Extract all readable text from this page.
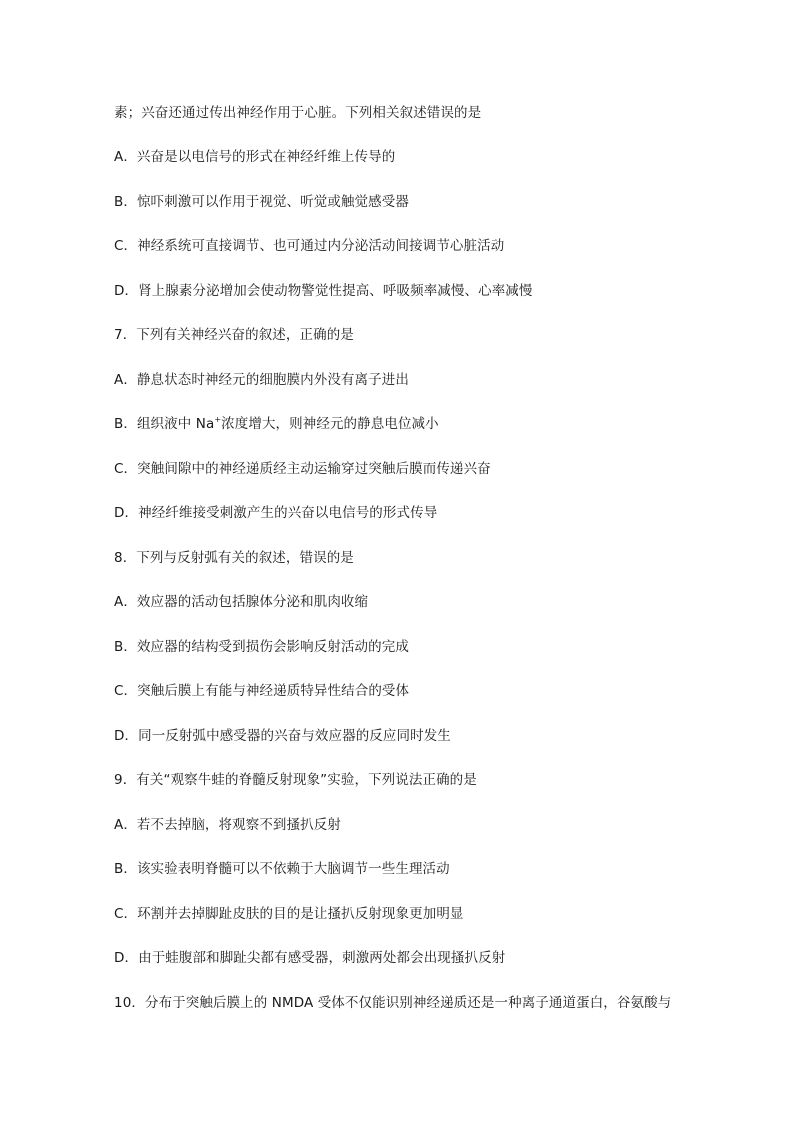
素；兴奋还通过传出神经作用于心脏。下列相关叙述错误的是
A．兴奋是以电信号的形式在神经纤维上传导的
B．惊吓刺激可以作用于视觉、听觉或触觉感受器
C．神经系统可直接调节、也可通过内分泌活动间接调节心脏活动
D．肾上腺素分泌增加会使动物警觉性提高、呼吸频率减慢、心率减慢
7．下列有关神经兴奋的叙述，正确的是
A．静息状态时神经元的细胞膜内外没有离子进出
B．组织液中 Na+浓度增大，则神经元的静息电位减小
C．突触间隙中的神经递质经主动运输穿过突触后膜而传递兴奋
D．神经纤维接受刺激产生的兴奋以电信号的形式传导
8．下列与反射弧有关的叙述，错误的是
A．效应器的活动包括腺体分泌和肌肉收缩
B．效应器的结构受到损伤会影响反射活动的完成
C．突触后膜上有能与神经递质特异性结合的受体
D．同一反射弧中感受器的兴奋与效应器的反应同时发生
9．有关“观察牛蛙的脊髓反射现象”实验，下列说法正确的是
A．若不去掉脑，将观察不到搔扒反射
B．该实验表明脊髓可以不依赖于大脑调节一些生理活动
C．环割并去掉脚趾皮肤的目的是让搔扒反射现象更加明显
D．由于蛙腹部和脚趾尖都有感受器，刺激两处都会出现搔扒反射
10．分布于突触后膜上的 NMDA 受体不仅能识别神经递质还是一种离子通道蛋白，谷氨酸与
